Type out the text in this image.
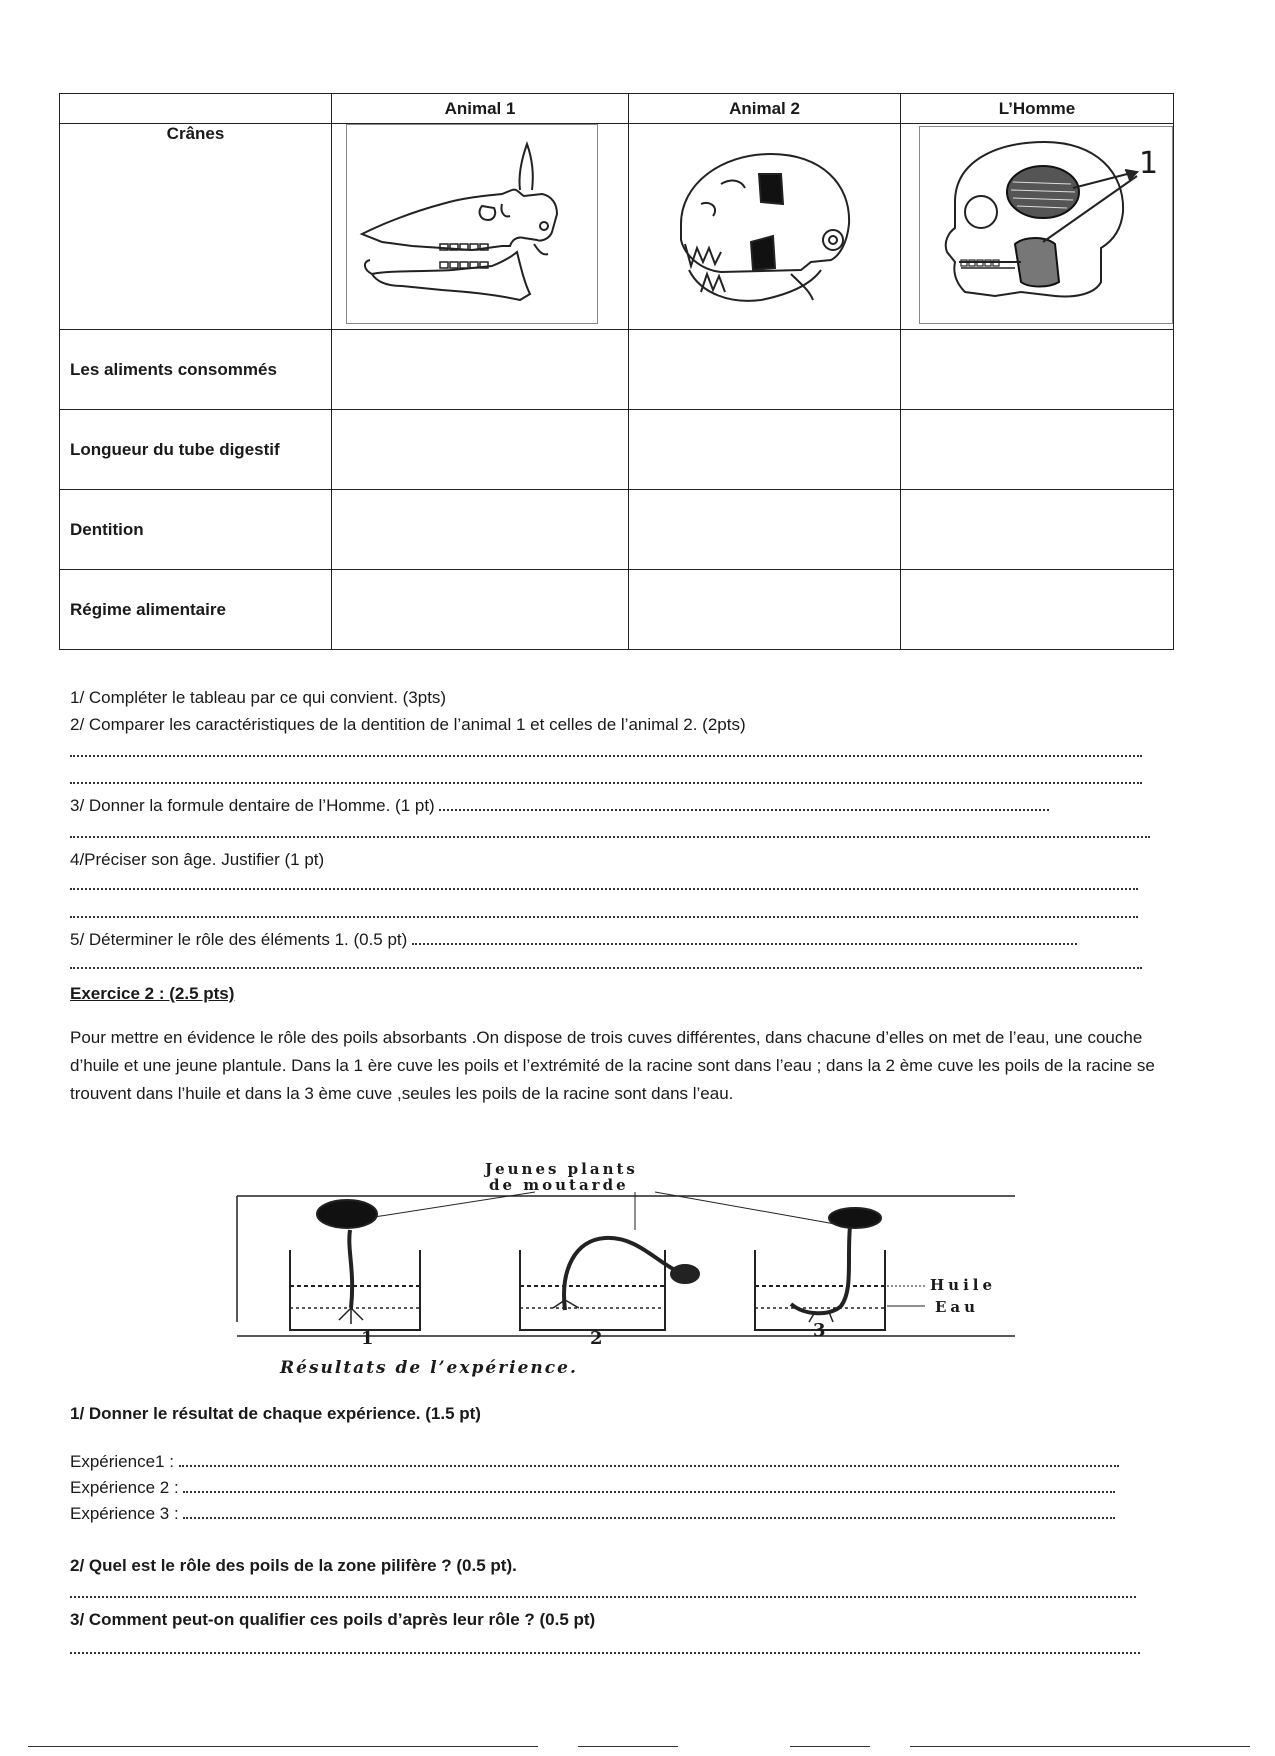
	Animal 1	Animal 2	L’Homme
Crânes			1

Les aliments consommés			
Longueur du tube digestif			
Dentition			
Régime alimentaire			
1/ Compléter le tableau par ce qui convient. (3pts)
2/ Comparer les caractéristiques de la dentition de l’animal 1 et celles de l’animal 2. (2pts)
3/ Donner la formule dentaire de l’Homme. (1 pt)
4/Préciser son âge. Justifier (1 pt)
5/ Déterminer le rôle des éléments 1. (0.5 pt)
Exercice 2 : (2.5 pts)
Pour mettre en évidence le rôle des poils absorbants .On dispose de trois cuves différentes, dans chacune d’elles on met de l’eau, une couche d’huile et une jeune plantule. Dans la 1 ère cuve les poils et l’extrémité de la racine sont dans l’eau ; dans la 2 ème cuve les poils de la racine se trouvent dans l’huile et dans la 3 ème cuve ,seules les poils de la racine sont dans l’eau.
Jeunes plants
de moutarde
Huile
Eau
1	2	3
Résultats de l’expérience.
1/ Donner le résultat de chaque expérience. (1.5 pt)
Expérience1 :
Expérience 2 :
Expérience 3 :
2/ Quel est le rôle des poils de la zone pilifère ? (0.5 pt).
3/ Comment peut-on qualifier ces poils d’après leur rôle ? (0.5 pt)
